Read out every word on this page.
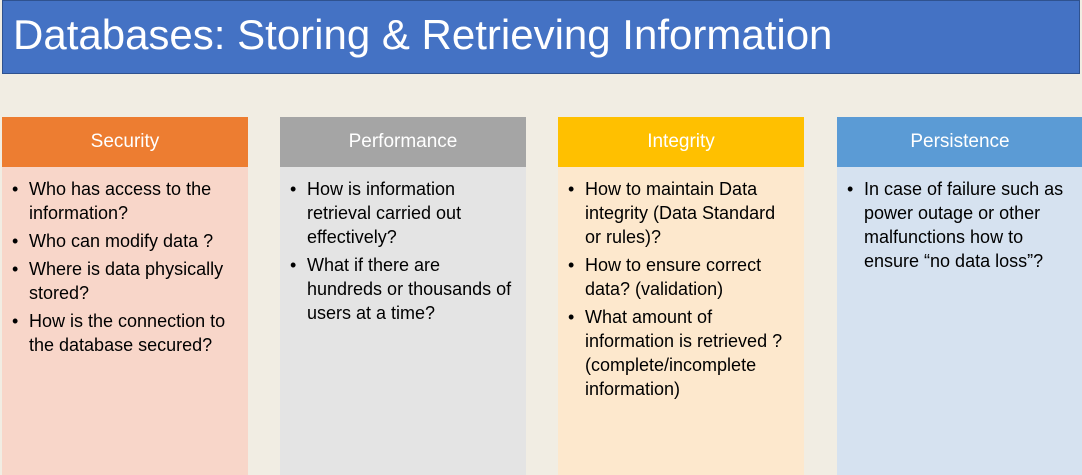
Databases: Storing & Retrieving Information
Security
• Who has access to the information?
• Who can modify data ?
• Where is data physically stored?
• How is the connection to the database secured?
Performance
• How is information retrieval carried out effectively?
• What if there are hundreds or thousands of users at a time?
Integrity
• How to maintain Data integrity (Data Standard or rules)?
• How to ensure correct data? (validation)
• What amount of information is retrieved ? (complete/incomplete information)
Persistence
• In case of failure such as power outage or other malfunctions how to ensure “no data loss”?
